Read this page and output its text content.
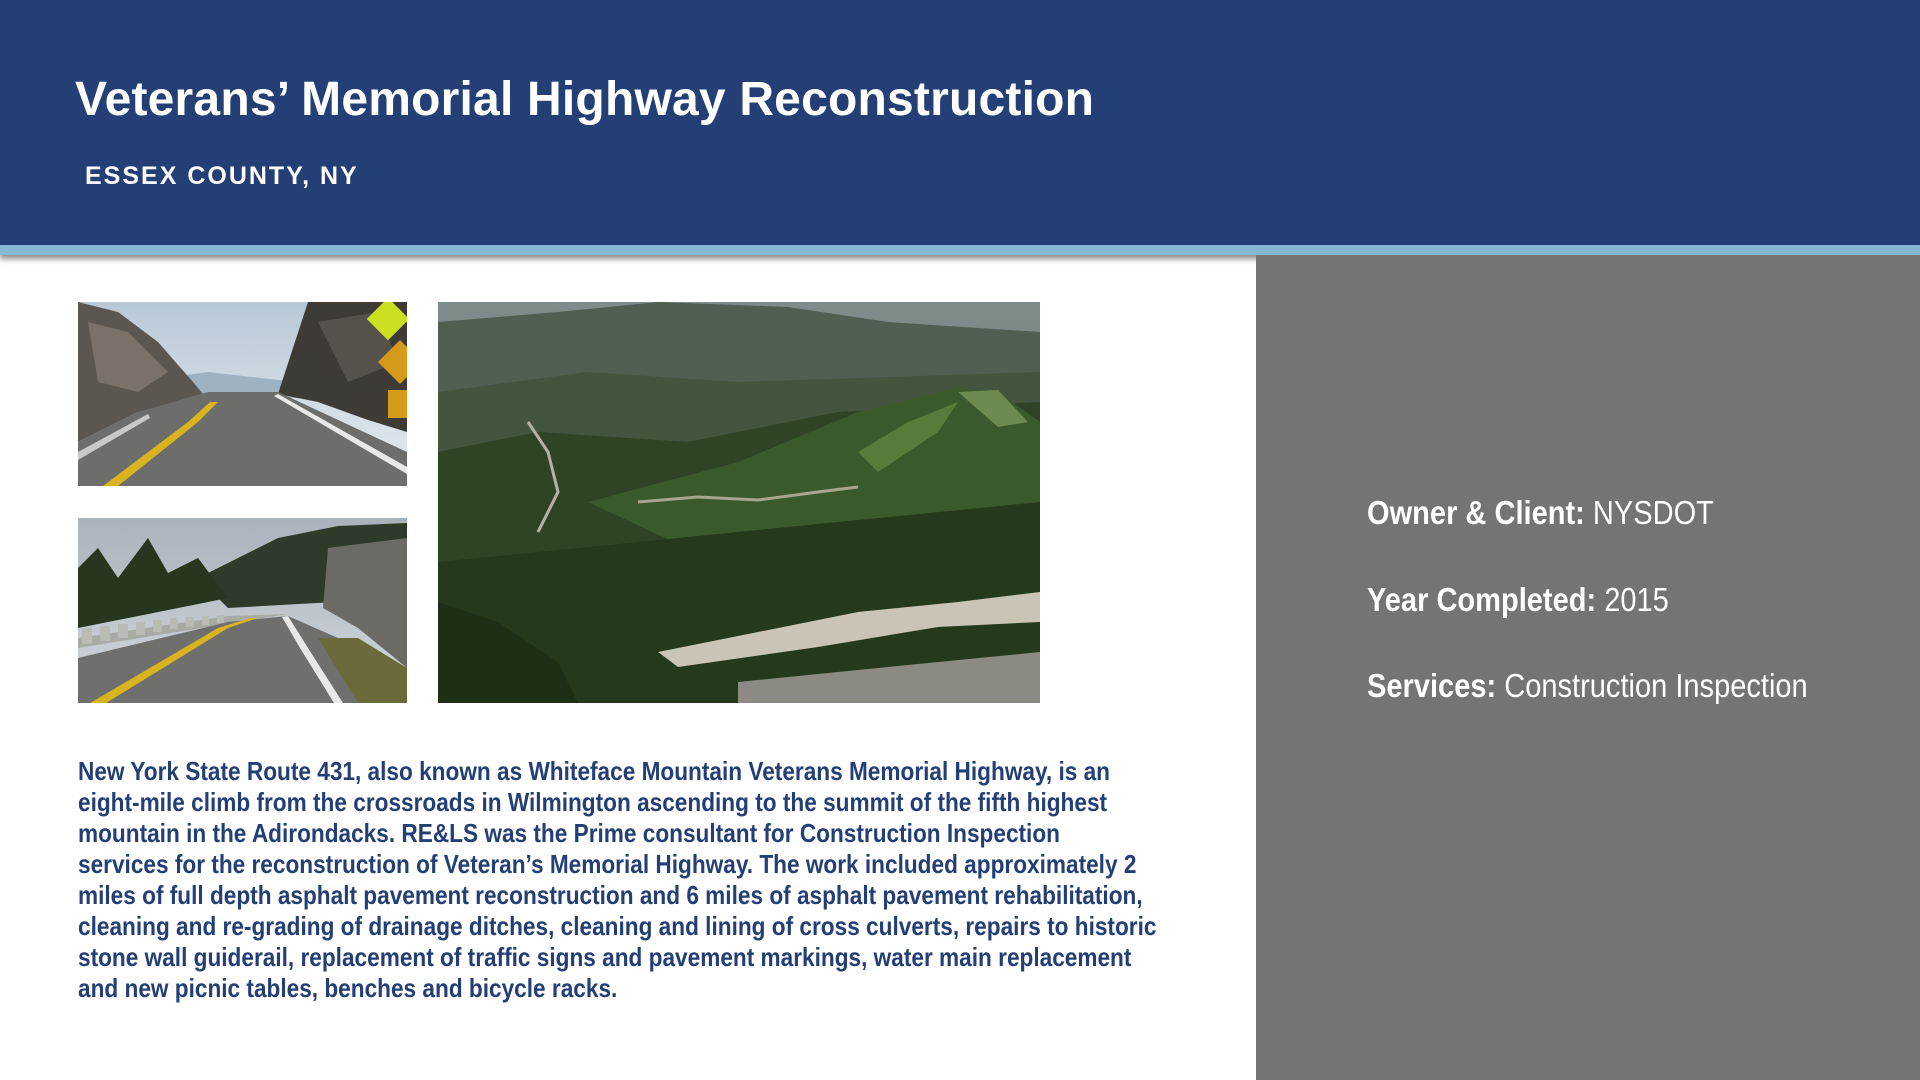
Veterans’ Memorial Highway Reconstruction
ESSEX COUNTY, NY
New York State Route 431, also known as Whiteface Mountain Veterans Memorial Highway, is an eight-mile climb from the crossroads in Wilmington ascending to the summit of the fifth highest mountain in the Adirondacks. RE&LS was the Prime consultant for Construction Inspection services for the reconstruction of Veteran’s Memorial Highway. The work included approximately 2 miles of full depth asphalt pavement reconstruction and 6 miles of asphalt pavement rehabilitation, cleaning and re-grading of drainage ditches, cleaning and lining of cross culverts, repairs to historic stone wall guiderail, replacement of traffic signs and pavement markings, water main replacement and new picnic tables, benches and bicycle racks.
Owner & Client: NYSDOT
Year Completed: 2015
Services: Construction Inspection
